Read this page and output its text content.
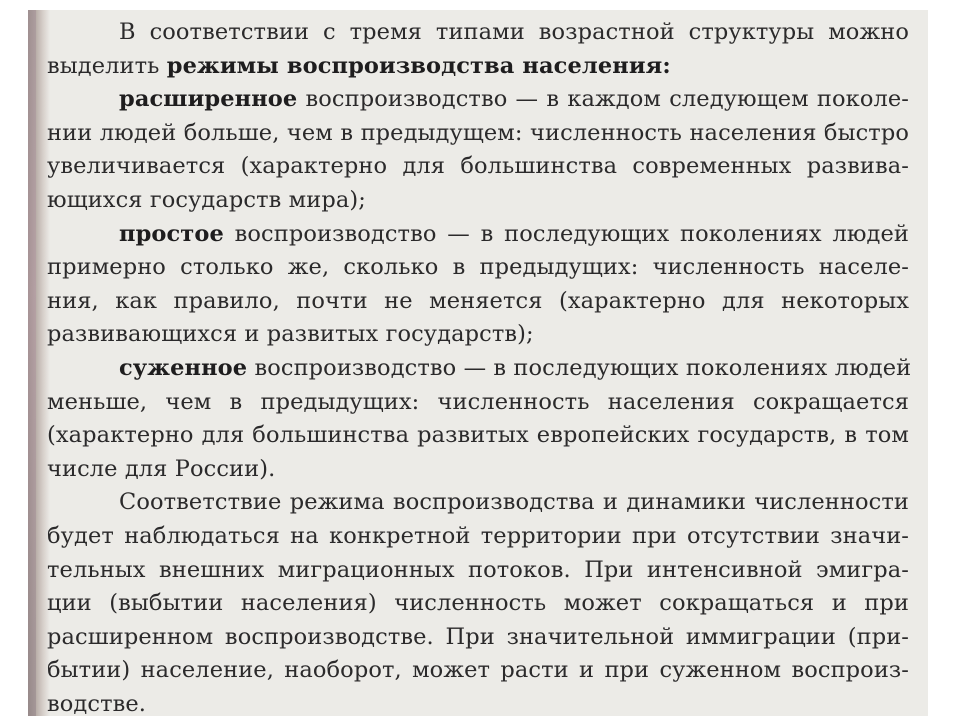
В соответствии с тремя типами возрастной структуры можно
выделить режимы воспроизводства населения:
расширенное воспроизводство — в каждом следующем поколе-
нии людей больше, чем в предыдущем: численность населения быстро
увеличивается (характерно для большинства современных развива-
ющихся государств мира);
простое воспроизводство — в последующих поколениях людей
примерно столько же, сколько в предыдущих: численность населе-
ния, как правило, почти не меняется (характерно для некоторых
развивающихся и развитых государств);
суженное воспроизводство — в последующих поколениях людей
меньше, чем в предыдущих: численность населения сокращается
(характерно для большинства развитых европейских государств, в том
числе для России).
Соответствие режима воспроизводства и динамики численности
будет наблюдаться на конкретной территории при отсутствии значи-
тельных внешних миграционных потоков. При интенсивной эмигра-
ции (выбытии населения) численность может сокращаться и при
расширенном воспроизводстве. При значительной иммиграции (при-
бытии) население, наоборот, может расти и при суженном воспроиз-
водстве.
